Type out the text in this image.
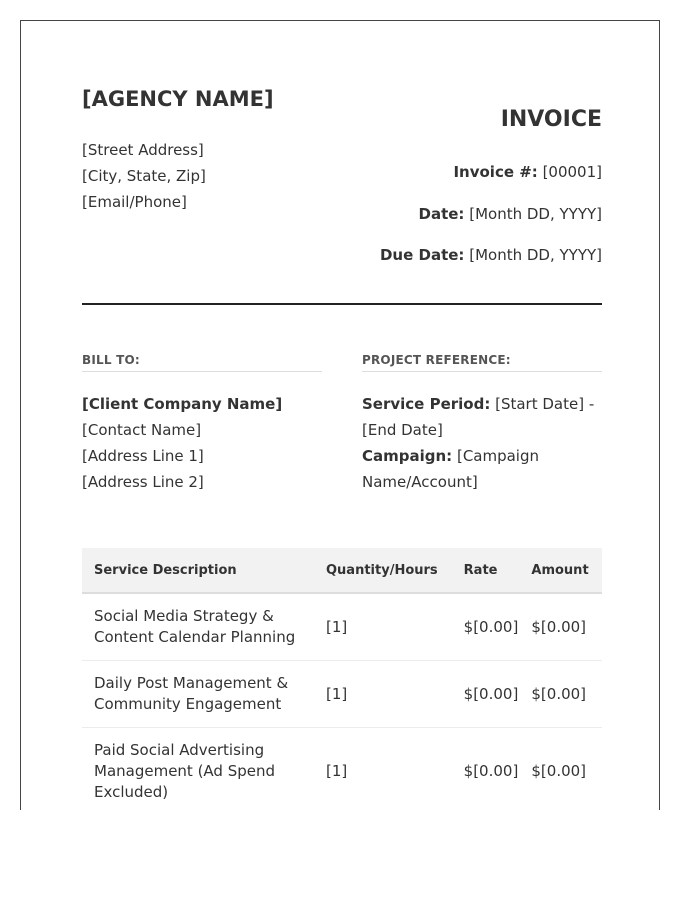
[AGENCY NAME]
[Street Address]
[City, State, Zip]
[Email/Phone]
INVOICE
Invoice #: [00001]
Date: [Month DD, YYYY]
Due Date: [Month DD, YYYY]
BILL TO:	PROJECT REFERENCE:
[Client Company Name]
[Contact Name]
[Address Line 1]
[Address Line 2]
Service Period: [Start Date] -
[End Date]
Campaign: [Campaign
Name/Account]
Service Description	Quantity/Hours	Rate	Amount

Social Media Strategy &
Content Calendar Planning	[1]	$[0.00]	$[0.00]

Daily Post Management &
Community Engagement	[1]	$[0.00]	$[0.00]

Paid Social Advertising
Management (Ad Spend
Excluded)	[1]	$[0.00]	$[0.00]
